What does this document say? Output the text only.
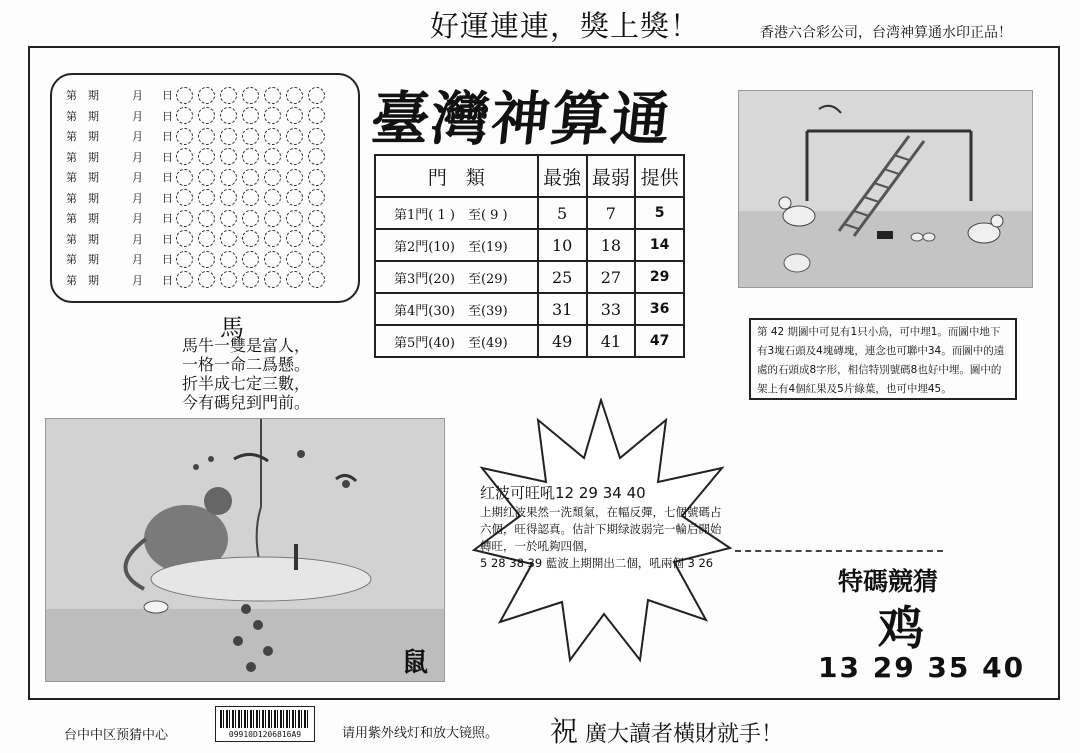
好運連連，獎上獎！	香港六合彩公司，台湾神算通水印正品！
臺灣神算通
第	期	月	日
第	期	月	日
第	期	月	日
第	期	月	日
第	期	月	日
第	期	月	日
第	期	月	日
第	期	月	日
第	期	月	日
第	期	月	日
門　類	最強	最弱	提供
第1門( 1 )　至( 9 )	5	7	5
第2門(10)　至(19)	10	18	14
第3門(20)　至(29)	25	27	29
第4門(30)　至(39)	31	33	36
第5門(40)　至(49)	49	41	47
馬
馬牛一雙是富人，
一格一命二爲懸。
折半成七定三數，
今有碼兒到門前。
第 42 期圖中可見有1只小鳥，可中埋1。而圖中地下有3塊石頭及4塊磚塊，連念也可聯中34。而圖中的遠處的石頭成8字形，相信特別號碼8也好中埋。圖中的架上有4個紅果及5片綠葉，也可中埋45。
鼠
红波可旺吼12 29 34 40
上期红波果然一洗頹氣，在幅反彈，七個號碼占六個，旺得認真。估計下期绿波弱完一輪后開始轉旺，一於吼夠四個，
5 28 38 39 藍波上期開出二個，吼兩個 3 26
特碼競猜
鸡
13 29 35 40
台中中区预猜中心	09910D1206816A9	请用紫外线灯和放大镜照。 祝 廣大讀者橫財就手！
